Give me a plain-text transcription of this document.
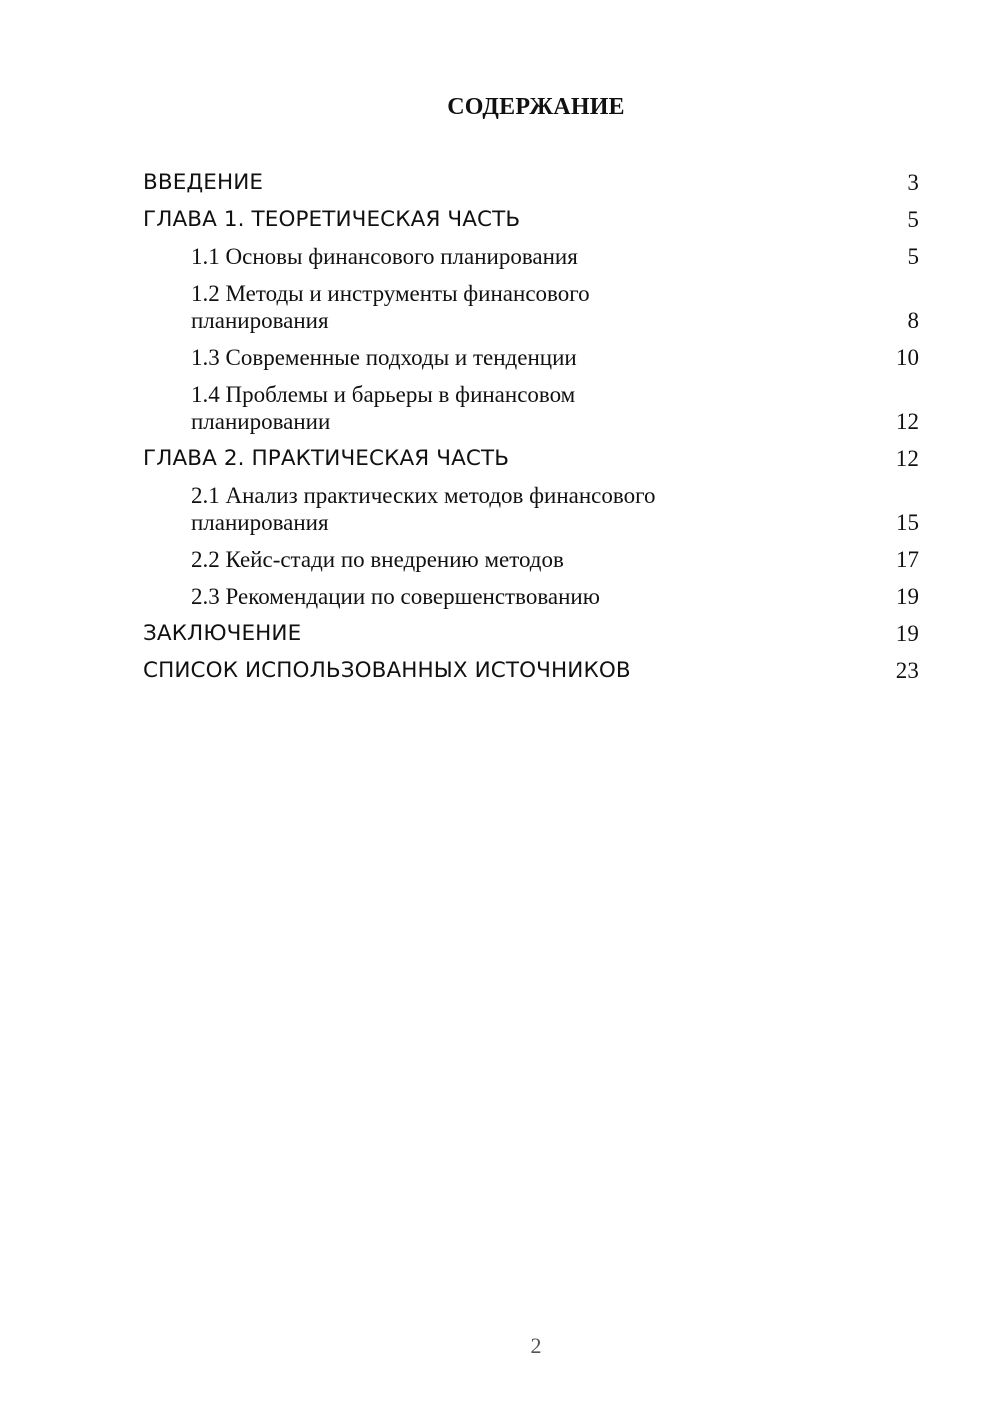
СОДЕРЖАНИЕ
ВВЕДЕНИЕ	3
ГЛАВА 1. ТЕОРЕТИЧЕСКАЯ ЧАСТЬ	5
1.1 Основы финансового планирования	5
1.2 Методы и инструменты финансового планирования	8
1.3 Современные подходы и тенденции	10
1.4 Проблемы и барьеры в финансовом планировании	12
ГЛАВА 2. ПРАКТИЧЕСКАЯ ЧАСТЬ	12
2.1 Анализ практических методов финансового планирования	15
2.2 Кейс-стади по внедрению методов	17
2.3 Рекомендации по совершенствованию	19
ЗАКЛЮЧЕНИЕ	19
СПИСОК ИСПОЛЬЗОВАННЫХ ИСТОЧНИКОВ	23
2
